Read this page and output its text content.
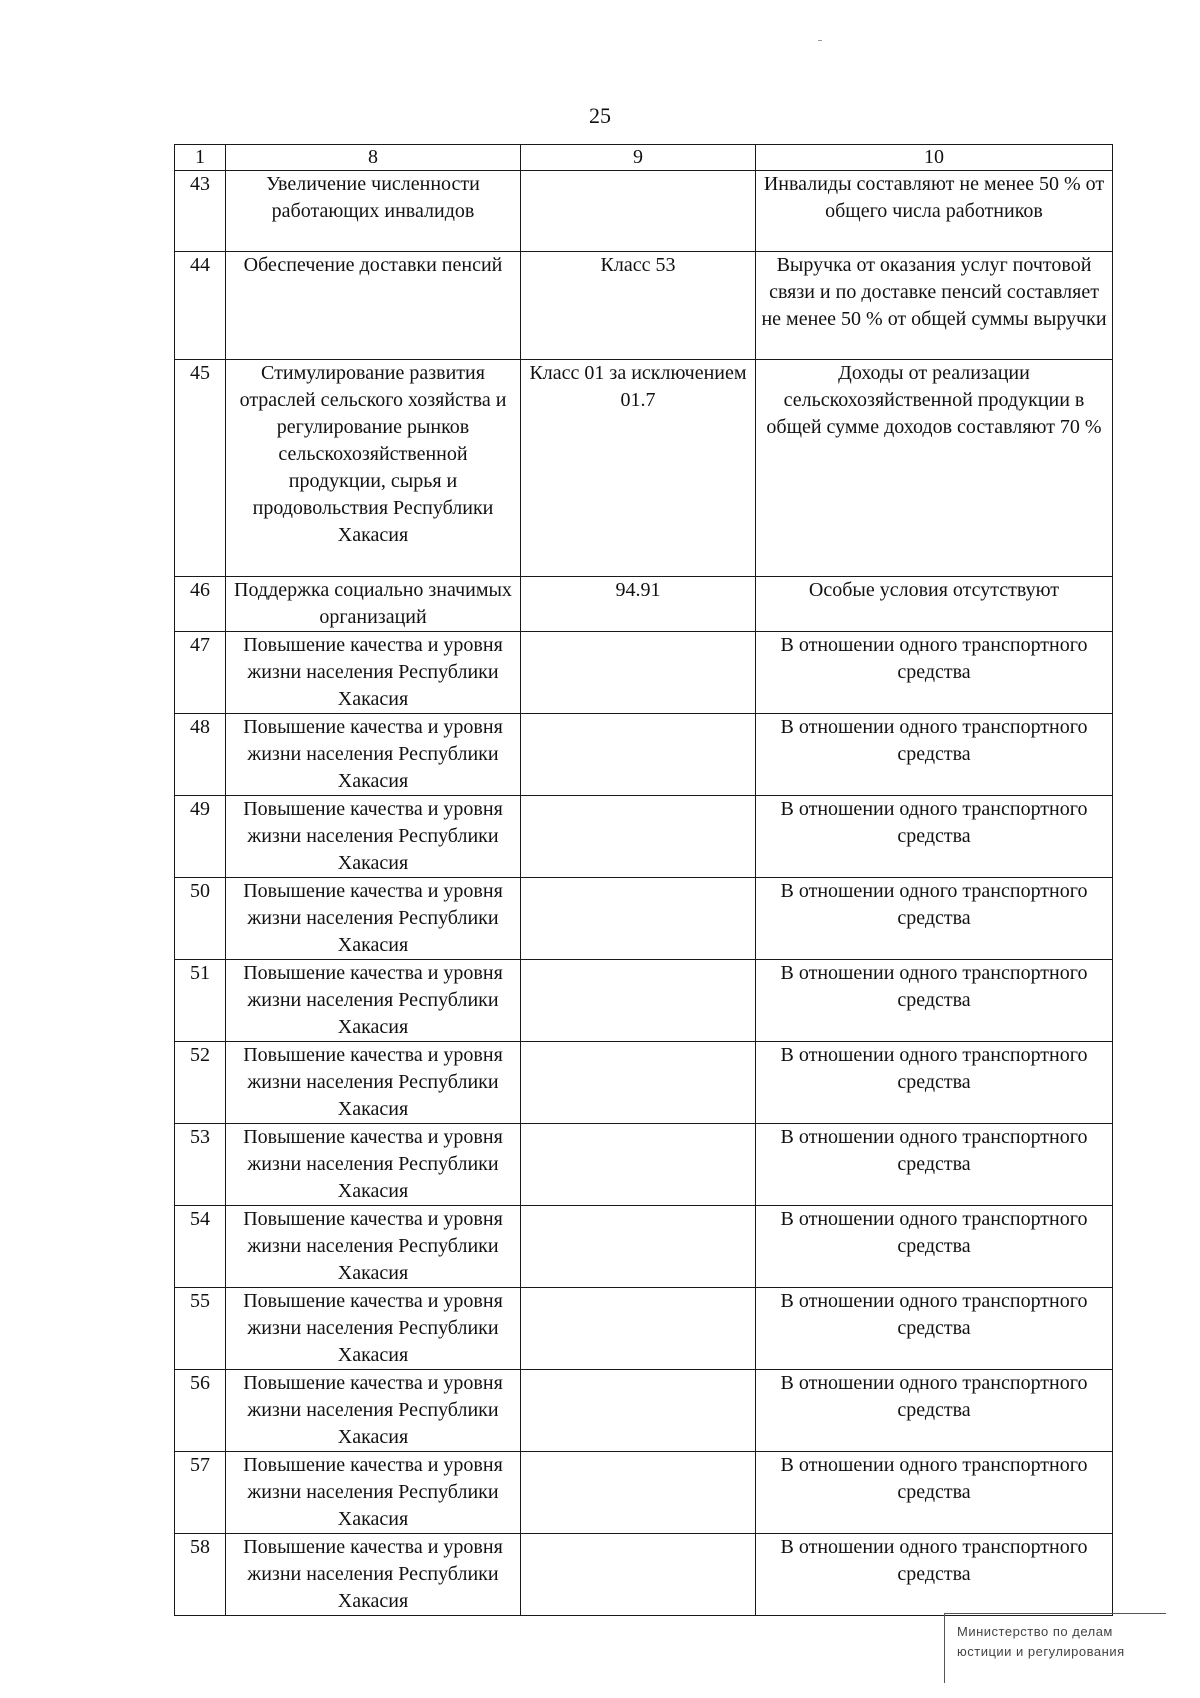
25
1	8	9	10
43	Увеличение численности работающих инвалидов		Инвалиды составляют не менее 50 % от общего числа работников
44	Обеспечение доставки пенсий	Класс 53	Выручка от оказания услуг почтовой связи и по доставке пенсий составляет не менее 50 % от общей суммы выручки
45	Стимулирование развития отраслей сельского хозяйства и регулирование рынков сельскохозяйственной продукции, сырья и продовольствия Республики Хакасия	Класс 01 за исключением 01.7	Доходы от реализации сельскохозяйственной продукции в общей сумме доходов составляют 70 %
46	Поддержка социально значимых организаций	94.91	Особые условия отсутствуют
47	Повышение качества и уровня жизни населения Республики Хакасия		В отношении одного транспортного средства
48	Повышение качества и уровня жизни населения Республики Хакасия		В отношении одного транспортного средства
49	Повышение качества и уровня жизни населения Республики Хакасия		В отношении одного транспортного средства
50	Повышение качества и уровня жизни населения Республики Хакасия		В отношении одного транспортного средства
51	Повышение качества и уровня жизни населения Республики Хакасия		В отношении одного транспортного средства
52	Повышение качества и уровня жизни населения Республики Хакасия		В отношении одного транспортного средства
53	Повышение качества и уровня жизни населения Республики Хакасия		В отношении одного транспортного средства
54	Повышение качества и уровня жизни населения Республики Хакасия		В отношении одного транспортного средства
55	Повышение качества и уровня жизни населения Республики Хакасия		В отношении одного транспортного средства
56	Повышение качества и уровня жизни населения Республики Хакасия		В отношении одного транспортного средства
57	Повышение качества и уровня жизни населения Республики Хакасия		В отношении одного транспортного средства
58	Повышение качества и уровня жизни населения Республики Хакасия		В отношении одного транспортного средства
Министерство по делам
юстиции и регулирования
